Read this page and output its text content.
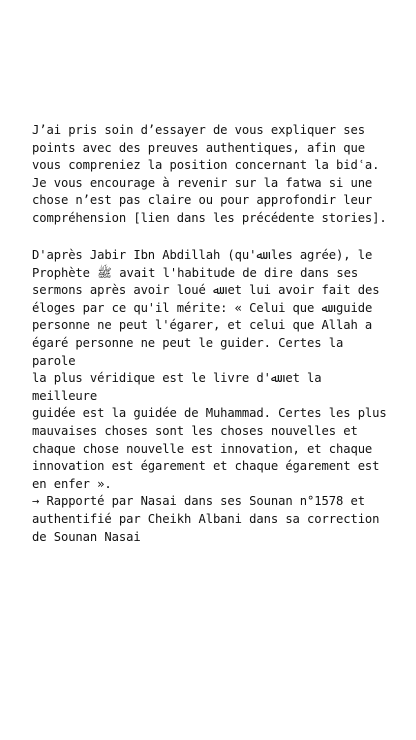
J’ai pris soin d’essayer de vous expliquer ses
points avec des preuves authentiques, afin que
vous compreniez la position concernant la bidʿa.
Je vous encourage à revenir sur la fatwa si une
chose n’est pas claire ou pour approfondir leur
compréhension [lien dans les précédente stories].

D'après Jabir Ibn Abdillah (qu'ﷲ les agrée), le
Prophète ﷺ avait l'habitude de dire dans ses
sermons après avoir loué ﷲ et lui avoir fait des
éloges par ce qu'il mérite: « Celui que ﷲ guide
personne ne peut l'égarer, et celui que Allah a
égaré personne ne peut le guider. Certes la parole
la plus véridique est le livre d'ﷲ et la meilleure
guidée est la guidée de Muhammad. Certes les plus
mauvaises choses sont les choses nouvelles et
chaque chose nouvelle est innovation, et chaque
innovation est égarement et chaque égarement est
en enfer ».
→ Rapporté par Nasai dans ses Sounan n°1578 et
authentifié par Cheikh Albani dans sa correction
de Sounan Nasai
